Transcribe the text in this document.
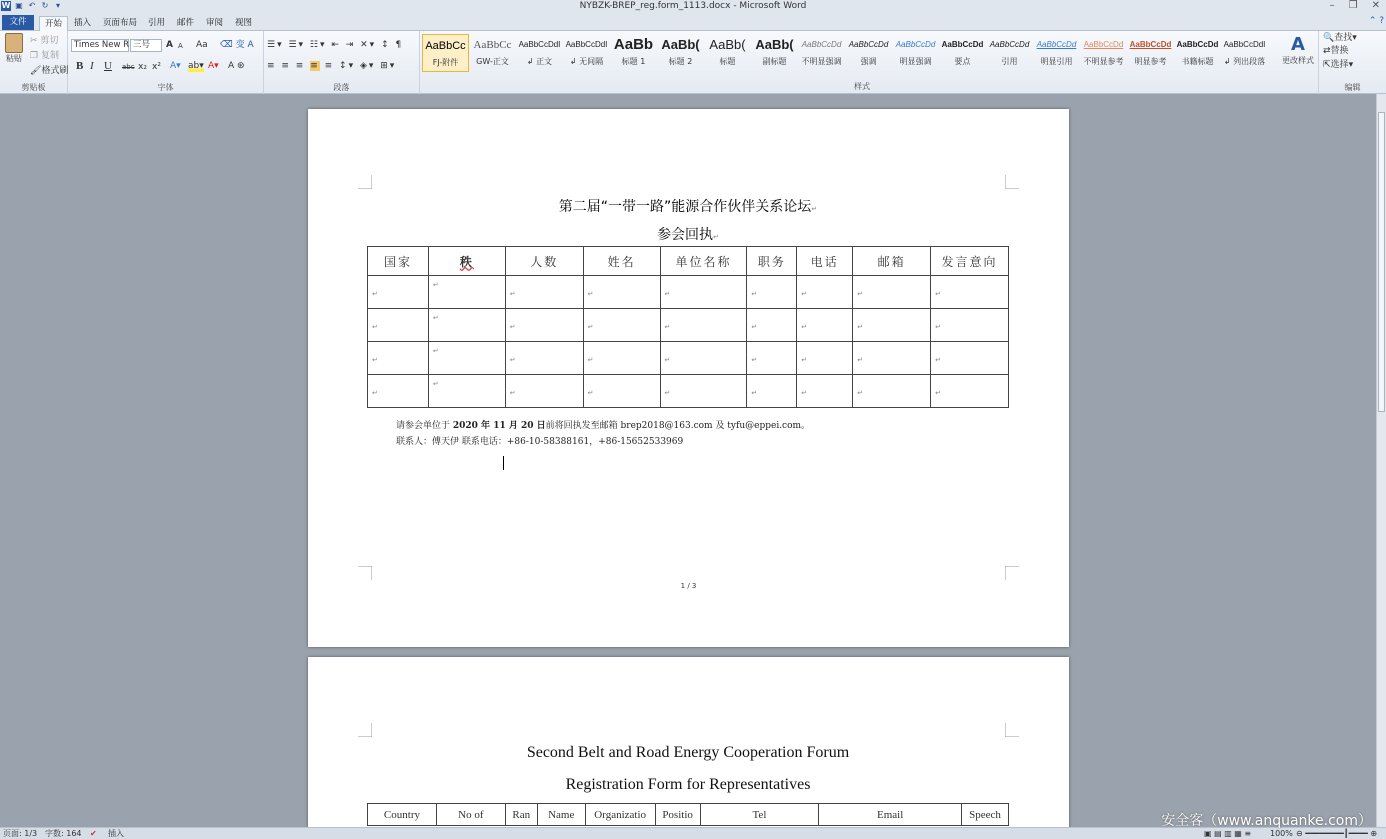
W ▣ ↶ ↻ ▾	NYBZK-BREP_reg.form_1113.docx - Microsoft Word	– ❐ ✕
文件	开始	插入	页面布局	引用	邮件	审阅	视图	⌃ ?
粘贴
✂ 剪切
❐ 复制
🖌格式刷
剪贴板
Times New R 三号	A A Aa ⌫ 变 A
B I U abc x₂ x² A▾ ab▾ A▾ A ⊛
字体
☰▾ ☰▾ ☷▾ ⇤ ⇥ ✕▾ ↕ ¶
≡ ≡ ≡ ≡ ≡ ↕▾ ◈▾ ⊞▾
段落
AaBbCc
FJ-附件
AaBbCc
GW-正文
AaBbCcDdI
↲ 正文
AaBbCcDdI
↲ 无间隔
AaBb
标题 1
AaBb(
标题 2
AaBb(
标题
AaBb(
副标题
AaBbCcDd
不明显强调
AaBbCcDd
强调
AaBbCcDd
明显强调
AaBbCcDd
要点
AaBbCcDd
引用
AaBbCcDd
明显引用
AaBbCcDd
不明显参考
AaBbCcDd
明显参考
AaBbCcDd
书籍标题
AaBbCcDdI
↲ 列出段落
A
更改样式
样式
🔍查找▾
⇄替换
⇱选择▾
编辑
第二届“一带一路”能源合作伙伴关系论坛↵
参会回执↵
国家	秩	人数	姓名	单位名称	职务	电话	邮箱	发言意向
↵	↵	↵	↵	↵	↵	↵	↵	↵
↵	↵	↵	↵	↵	↵	↵	↵	↵
↵	↵	↵	↵	↵	↵	↵	↵	↵
↵	↵	↵	↵	↵	↵	↵	↵	↵
请参会单位于 2020 年 11 月 20 日前将回执发至邮箱 brep2018@163.com 及 tyfu@eppei.com。
联系人：傅天伊 联系电话：+86-10-58388161，+86-15652533969
1 / 3
Second Belt and Road Energy Cooperation Forum
Registration Form for Representatives
Country	No of	Ran	Name	Organizatio	Positio	Tel	Email	Speech
页面: 1/3 字数: 164 ✔ 插入	▣ ▤ ▥ ▦ ≡ 100% ⊖ ━━━━━━━━┃━━━━ ⊕
安全客（www.anquanke.com）
